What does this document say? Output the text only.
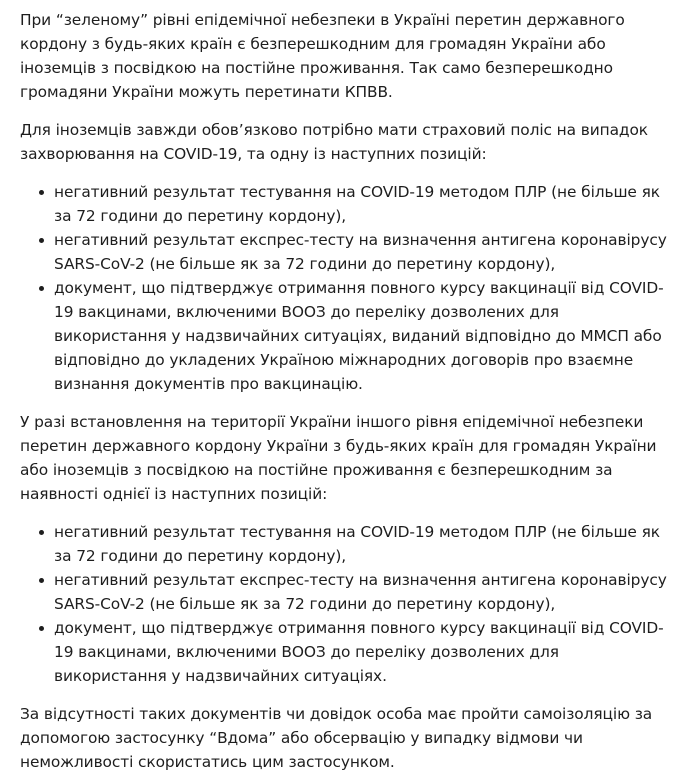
При “зеленому” рівні епідемічної небезпеки в Україні перетин державного кордону з будь-яких країн є безперешкодним для громадян України або іноземців з посвідкою на постійне проживання. Так само безперешкодно громадяни України можуть перетинати КПВВ.

Для іноземців завжди обов’язково потрібно мати страховий поліс на випадок захворювання на COVID-19, та одну із наступних позицій:

негативний результат тестування на COVID-19 методом ПЛР (не більше як за 72 години до перетину кордону),
негативний результат експрес-тесту на визначення антигена коронавірусу SARS-CoV-2 (не більше як за 72 години до перетину кордону),
документ, що підтверджує отримання повного курсу вакцинації від COVID-19 вакцинами, включеними ВООЗ до переліку дозволених для використання у надзвичайних ситуаціях, виданий відповідно до ММСП або відповідно до укладених Україною міжнародних договорів про взаємне визнання документів про вакцинацію.

У разі встановлення на території України іншого рівня епідемічної небезпеки перетин державного кордону України з будь-яких країн для громадян України або іноземців з посвідкою на постійне проживання є безперешкодним за наявності однієї із наступних позицій:

негативний результат тестування на COVID-19 методом ПЛР (не більше як за 72 години до перетину кордону),
негативний результат експрес-тесту на визначення антигена коронавірусу SARS-CoV-2 (не більше як за 72 години до перетину кордону),
документ, що підтверджує отримання повного курсу вакцинації від COVID-19 вакцинами, включеними ВООЗ до переліку дозволених для використання у надзвичайних ситуаціях.

За відсутності таких документів чи довідок особа має пройти самоізоляцію за допомогою застосунку “Вдома” або обсервацію у випадку відмови чи неможливості скористатись цим застосунком.
